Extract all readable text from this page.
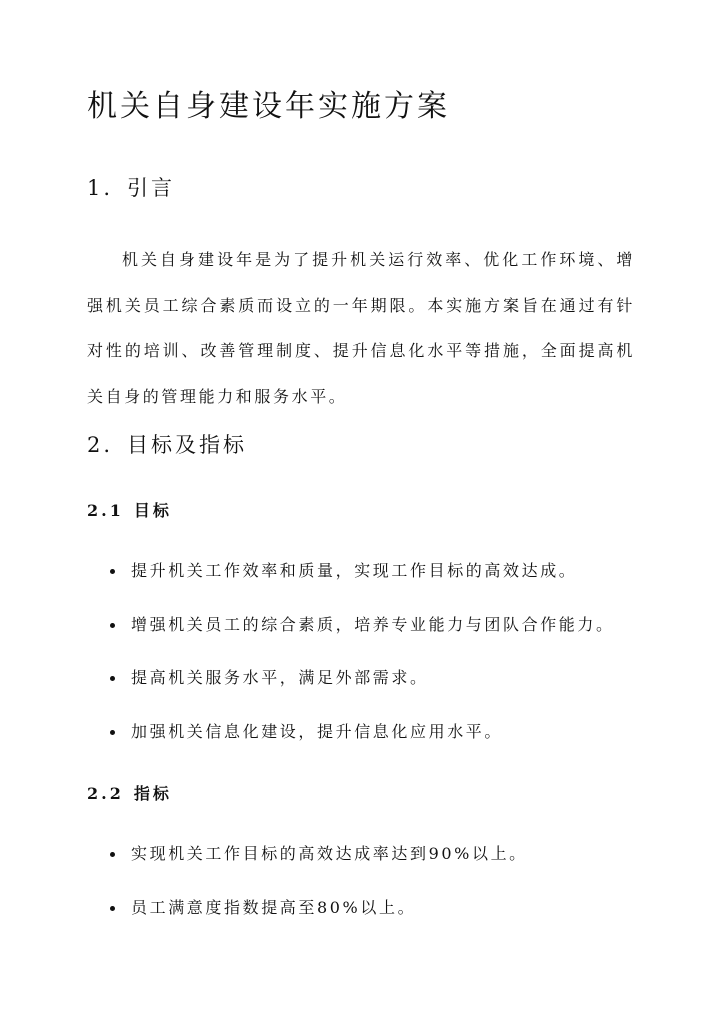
机关自身建设年实施方案
1. 引言

机关自身建设年是为了提升机关运行效率、优化工作环境、增强机关员工综合素质而设立的一年期限。本实施方案旨在通过有针对性的培训、改善管理制度、提升信息化水平等措施，全面提高机关自身的管理能力和服务水平。

2. 目标及指标
2.1 目标
提升机关工作效率和质量，实现工作目标的高效达成。
增强机关员工的综合素质，培养专业能力与团队合作能力。
提高机关服务水平，满足外部需求。
加强机关信息化建设，提升信息化应用水平。
2.2 指标
实现机关工作目标的高效达成率达到90%以上。
员工满意度指数提高至80%以上。
